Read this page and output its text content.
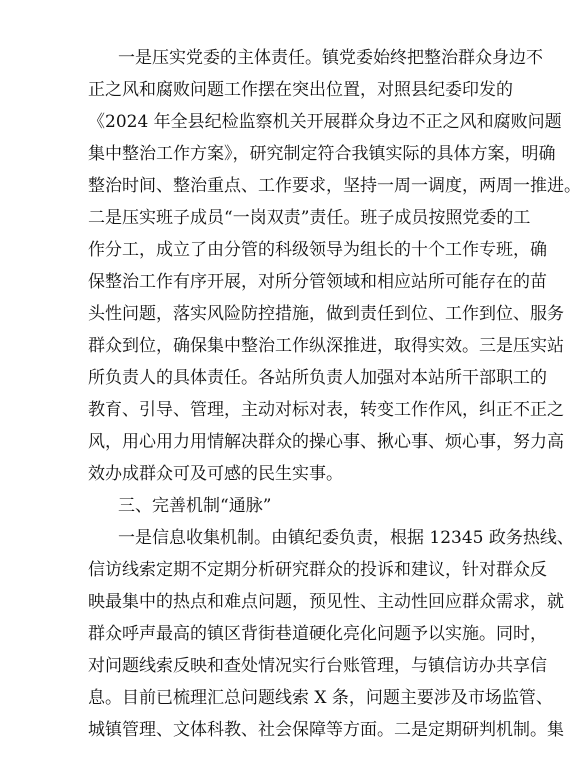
一是压实党委的主体责任。镇党委始终把整治群众身边不
正之风和腐败问题工作摆在突出位置，对照县纪委印发的
《2024 年全县纪检监察机关开展群众身边不正之风和腐败问题
集中整治工作方案》，研究制定符合我镇实际的具体方案，明确
整治时间、整治重点、工作要求，坚持一周一调度，两周一推进。
二是压实班子成员“一岗双责”责任。班子成员按照党委的工
作分工，成立了由分管的科级领导为组长的十个工作专班，确
保整治工作有序开展，对所分管领域和相应站所可能存在的苗
头性问题，落实风险防控措施，做到责任到位、工作到位、服务
群众到位，确保集中整治工作纵深推进，取得实效。三是压实站
所负责人的具体责任。各站所负责人加强对本站所干部职工的
教育、引导、管理，主动对标对表，转变工作作风，纠正不正之
风，用心用力用情解决群众的操心事、揪心事、烦心事，努力高
效办成群众可及可感的民生实事。
三、完善机制“通脉”
一是信息收集机制。由镇纪委负责，根据 12345 政务热线、
信访线索定期不定期分析研究群众的投诉和建议，针对群众反
映最集中的热点和难点问题，预见性、主动性回应群众需求，就
群众呼声最高的镇区背街巷道硬化亮化问题予以实施。同时，
对问题线索反映和查处情况实行台账管理，与镇信访办共享信
息。目前已梳理汇总问题线索 X 条，问题主要涉及市场监管、
城镇管理、文体科教、社会保障等方面。二是定期研判机制。集
